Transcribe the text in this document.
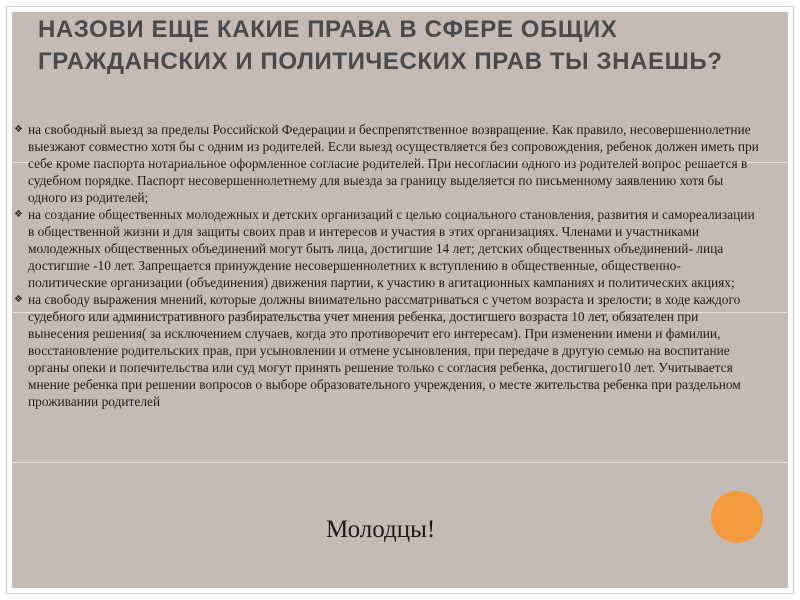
НАЗОВИ ЕЩЕ КАКИЕ ПРАВА В СФЕРЕ ОБЩИХ ГРАЖДАНСКИХ И ПОЛИТИЧЕСКИХ ПРАВ ТЫ ЗНАЕШЬ?
❖ на свободный выезд за пределы Российской Федерации и беспрепятственное возвращение. Как правило, несовершеннолетние выезжают совместно хотя бы с одним из родителей. Если выезд осуществляется без сопровождения, ребенок должен иметь при себе кроме паспорта нотариальное оформленное согласие родителей. При несогласии одного из родителей вопрос решается в судебном порядке. Паспорт несовершеннолетнему для выезда за границу выделяется по письменному заявлению хотя бы одного из родителей;
❖ на создание общественных молодежных и детских организаций с целью социального становления, развития и самореализации в общественной жизни и для защиты своих прав и интересов и участия в этих организациях. Членами и участниками молодежных общественных объединений могут быть лица, достигшие 14 лет; детских общественных объединений- лица достигшие -10 лет. Запрещается принуждение несовершеннолетних к вступлению в общественные, общественно- политические организации (объединения) движения партии, к участию в агитационных кампаниях и политических акциях;
❖ на свободу выражения мнений, которые должны внимательно рассматриваться с учетом возраста и зрелости; в ходе каждого судебного или административного разбирательства учет мнения ребенка, достигшего возраста 10 лет, обязателен при вынесения решения( за исключением случаев, когда это противоречит его интересам). При изменении имени и фамилии, восстановление родительских прав, при усыновлении и отмене усыновления, при передаче в другую семью на воспитание органы опеки и попечительства или суд могут принять решение только с согласия ребенка, достигшего10 лет. Учитывается мнение ребенка при решении вопросов о выборе образовательного учреждения, о месте жительства ребенка при раздельном проживании родителей
Молодцы!
